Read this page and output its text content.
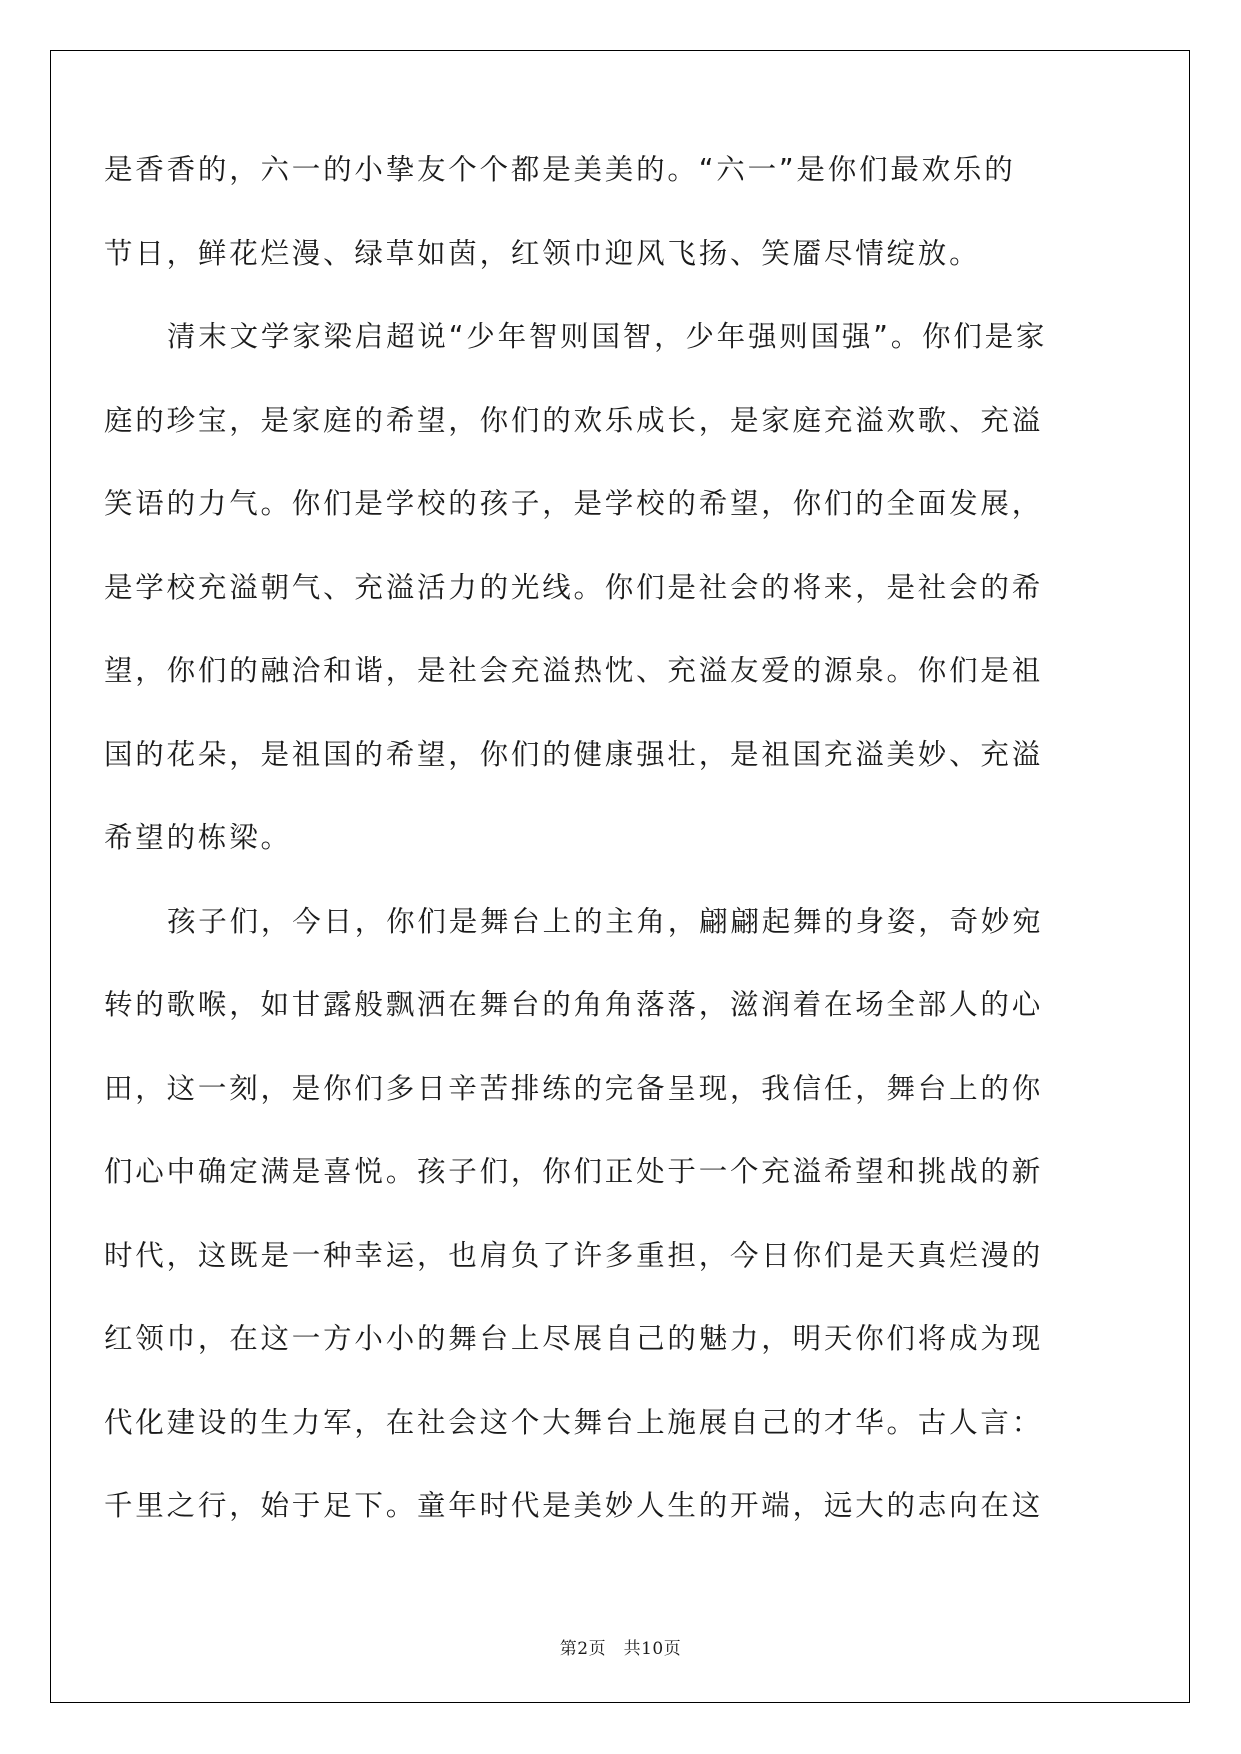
是香香的，六一的小挚友个个都是美美的。“六一”是你们最欢乐的
节日，鲜花烂漫、绿草如茵，红领巾迎风飞扬、笑靥尽情绽放。
清末文学家梁启超说“少年智则国智，少年强则国强”。你们是家
庭的珍宝，是家庭的希望，你们的欢乐成长，是家庭充溢欢歌、充溢
笑语的力气。你们是学校的孩子，是学校的希望，你们的全面发展，
是学校充溢朝气、充溢活力的光线。你们是社会的将来，是社会的希
望，你们的融洽和谐，是社会充溢热忱、充溢友爱的源泉。你们是祖
国的花朵，是祖国的希望，你们的健康强壮，是祖国充溢美妙、充溢
希望的栋梁。
孩子们，今日，你们是舞台上的主角，翩翩起舞的身姿，奇妙宛
转的歌喉，如甘露般飘洒在舞台的角角落落，滋润着在场全部人的心
田，这一刻，是你们多日辛苦排练的完备呈现，我信任，舞台上的你
们心中确定满是喜悦。孩子们，你们正处于一个充溢希望和挑战的新
时代，这既是一种幸运，也肩负了许多重担，今日你们是天真烂漫的
红领巾，在这一方小小的舞台上尽展自己的魅力，明天你们将成为现
代化建设的生力军，在社会这个大舞台上施展自己的才华。古人言：
千里之行，始于足下。童年时代是美妙人生的开端，远大的志向在这
第2页　共10页
